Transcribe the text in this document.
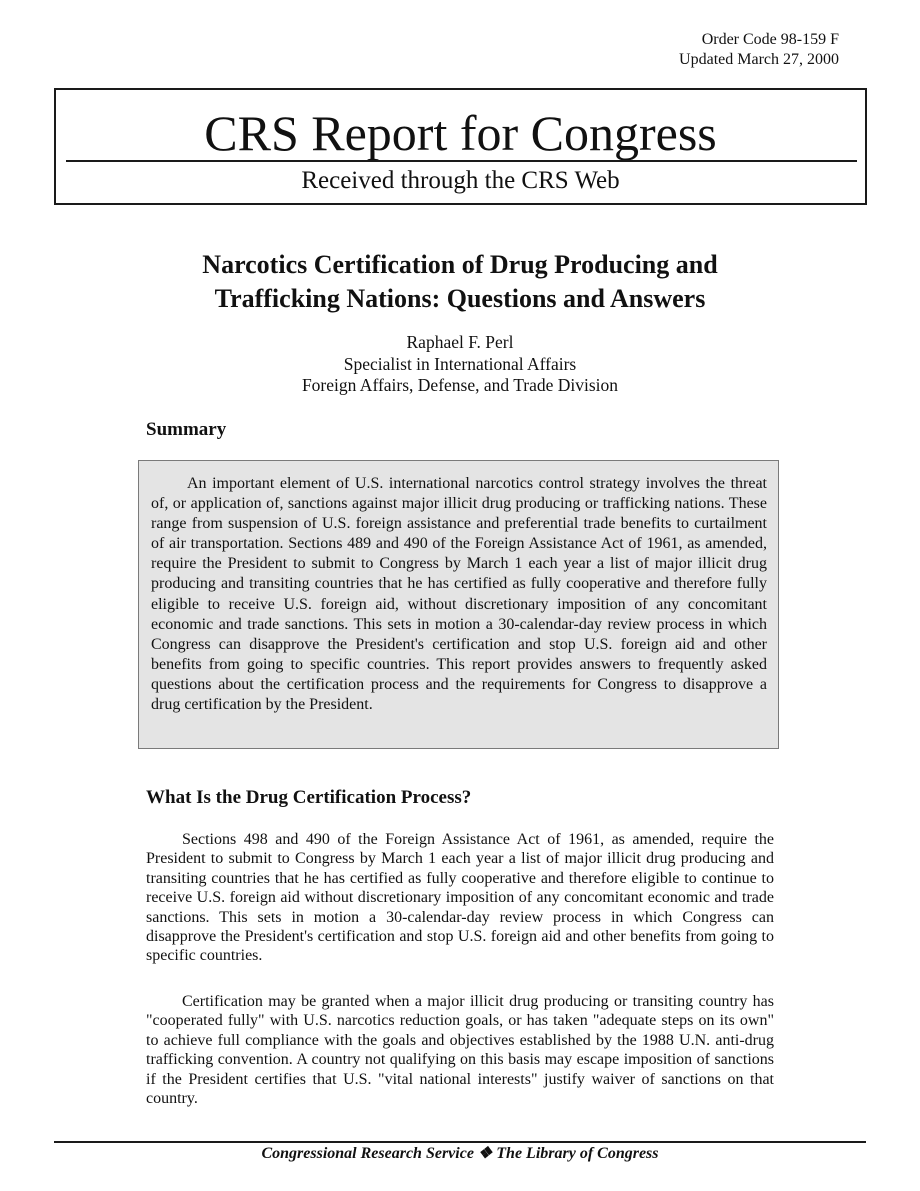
Order Code 98-159 F
Updated March 27, 2000
CRS Report for Congress
Received through the CRS Web
Narcotics Certification of Drug Producing and
Trafficking Nations: Questions and Answers
Raphael F. Perl
Specialist in International Affairs
Foreign Affairs, Defense, and Trade Division
Summary

An important element of U.S. international narcotics control strategy involves the threat of, or application of, sanctions against major illicit drug producing or trafficking nations. These range from suspension of U.S. foreign assistance and preferential trade benefits to curtailment of air transportation. Sections 489 and 490 of the Foreign Assistance Act of 1961, as amended, require the President to submit to Congress by March 1 each year a list of major illicit drug producing and transiting countries that he has certified as fully cooperative and therefore fully eligible to receive U.S. foreign aid, without discretionary imposition of any concomitant economic and trade sanctions. This sets in motion a 30-calendar-day review process in which Congress can disapprove the President's certification and stop U.S. foreign aid and other benefits from going to specific countries. This report provides answers to frequently asked questions about the certification process and the requirements for Congress to disapprove a drug certification by the President.

What Is the Drug Certification Process?

Sections 498 and 490 of the Foreign Assistance Act of 1961, as amended, require the President to submit to Congress by March 1 each year a list of major illicit drug producing and transiting countries that he has certified as fully cooperative and therefore eligible to continue to receive U.S. foreign aid without discretionary imposition of any concomitant economic and trade sanctions. This sets in motion a 30-calendar-day review process in which Congress can disapprove the President's certification and stop U.S. foreign aid and other benefits from going to specific countries.

Certification may be granted when a major illicit drug producing or transiting country has "cooperated fully" with U.S. narcotics reduction goals, or has taken "adequate steps on its own" to achieve full compliance with the goals and objectives established by the 1988 U.N. anti-drug trafficking convention. A country not qualifying on this basis may escape imposition of sanctions if the President certifies that U.S. "vital national interests" justify waiver of sanctions on that country.

Congressional Research Service ❖ The Library of Congress
